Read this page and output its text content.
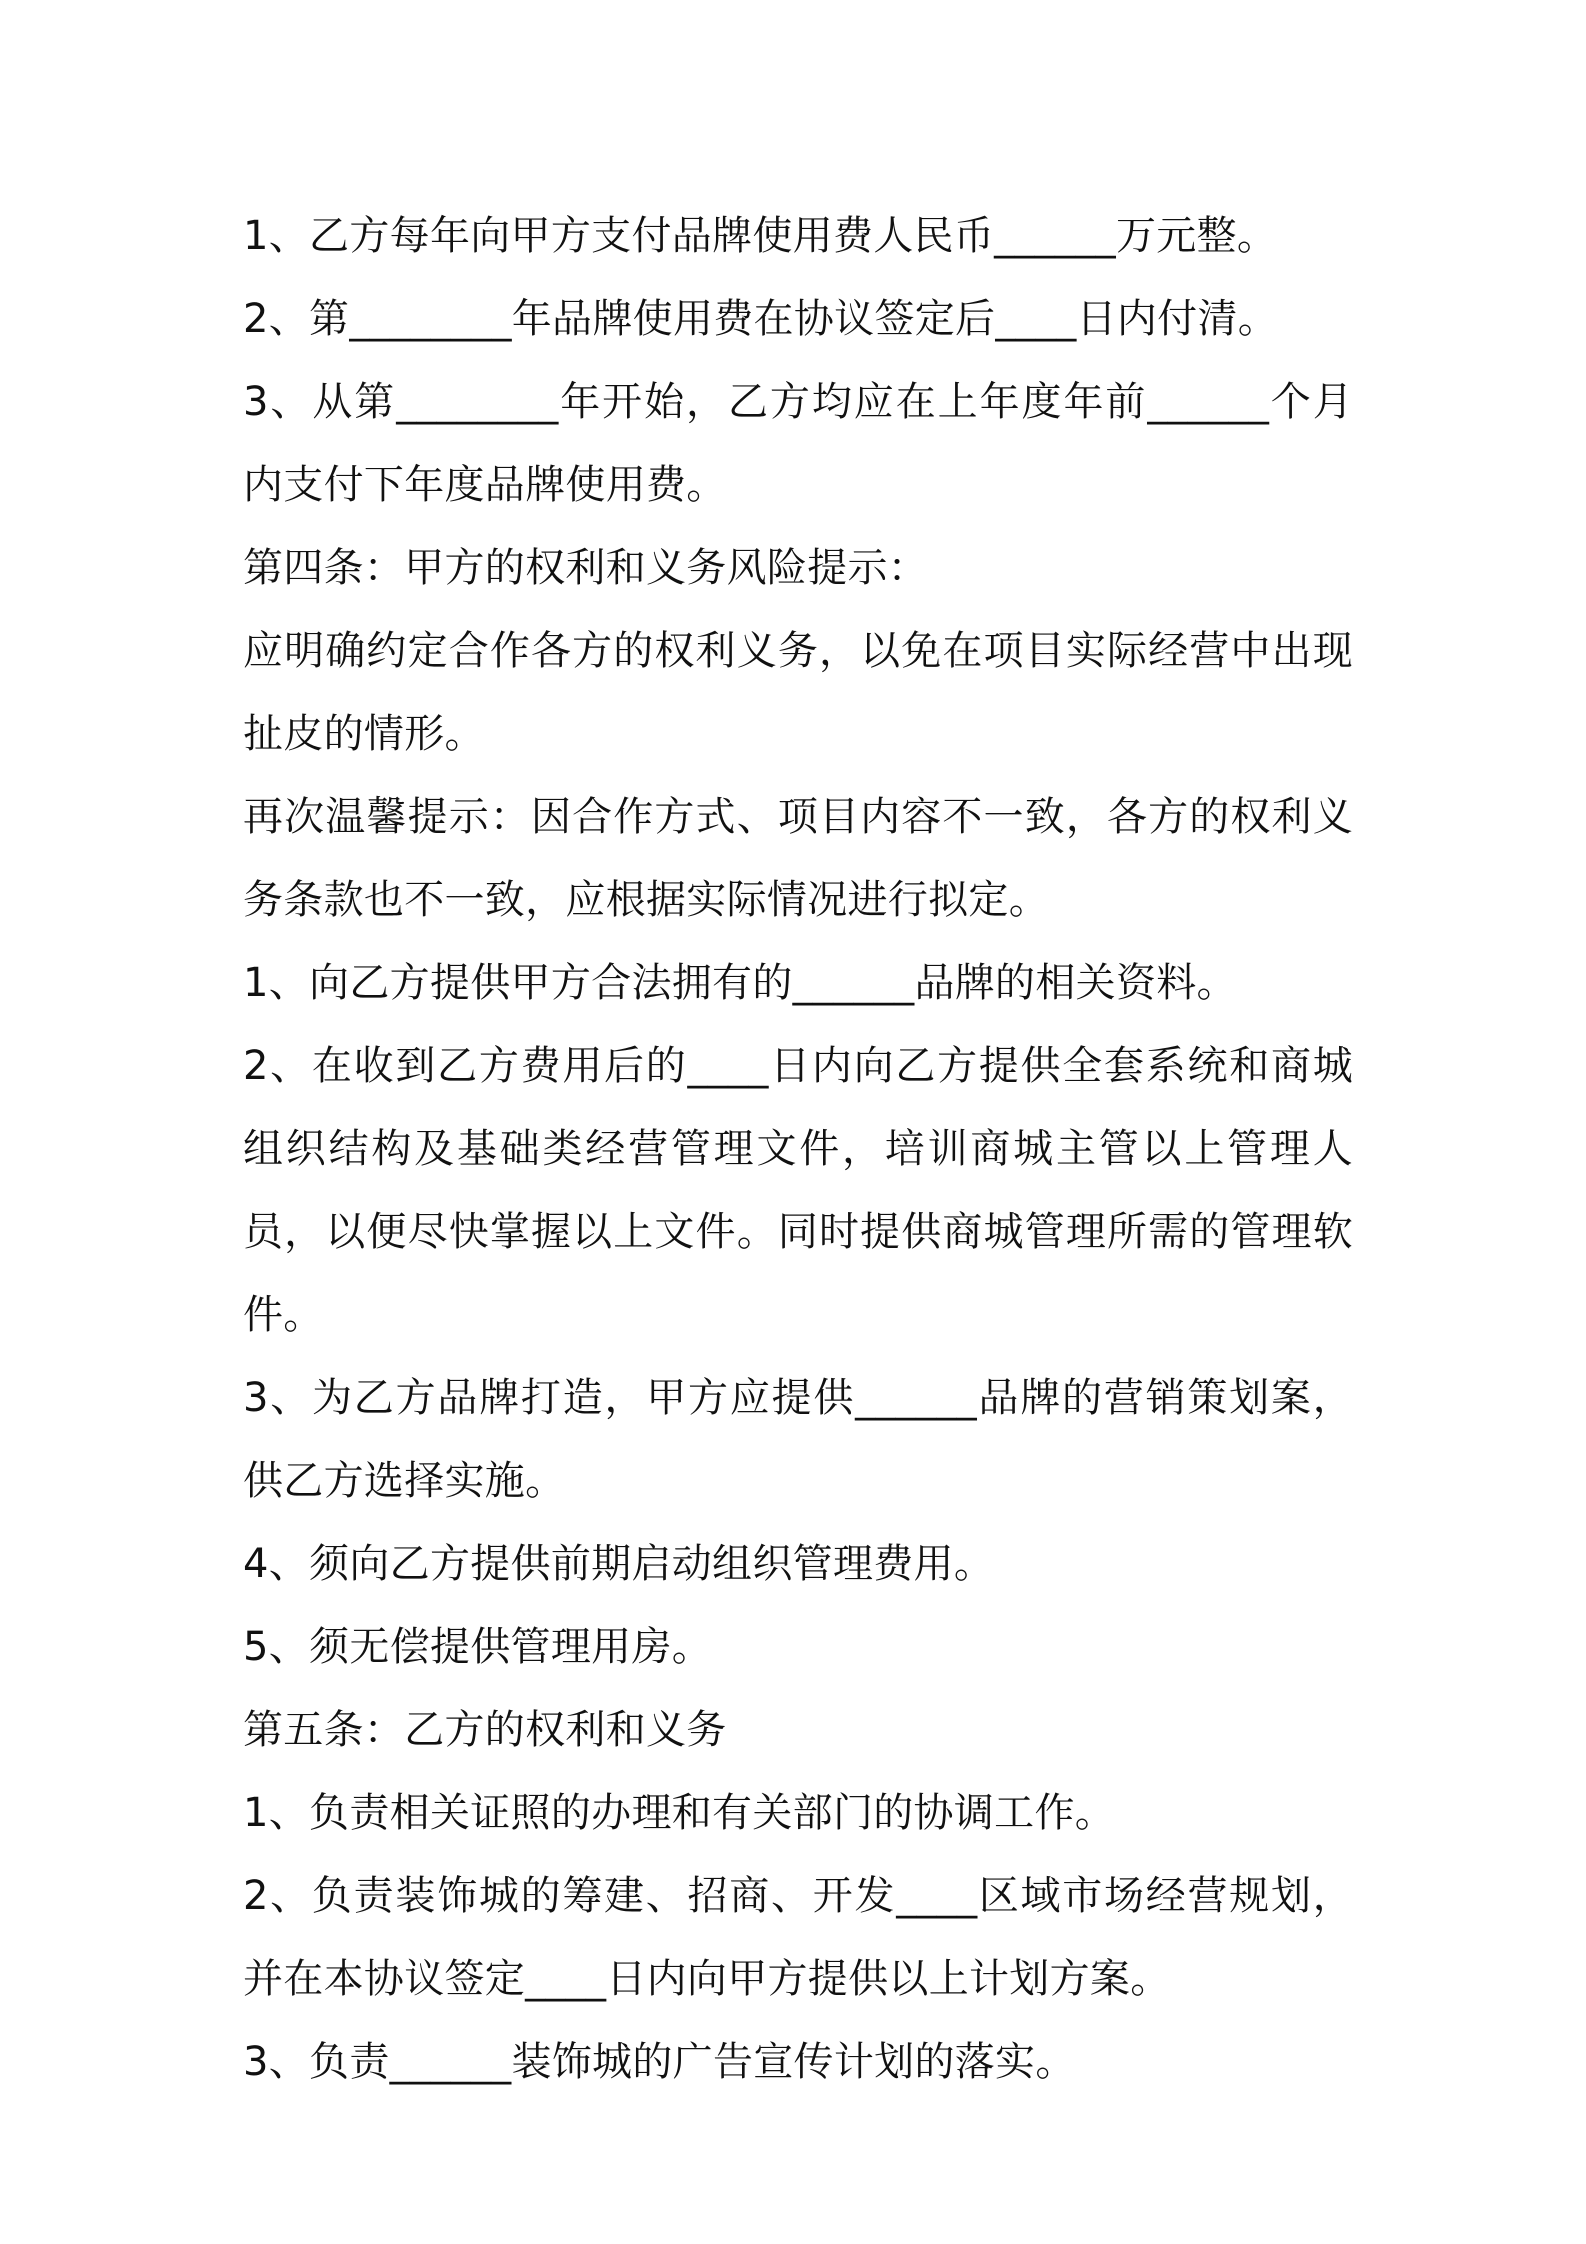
1、乙方每年向甲方支付品牌使用费人民币______万元整。

2、第________年品牌使用费在协议签定后____日内付清。

3、从第________年开始，乙方均应在上年度年前______个月内支付下年度品牌使用费。

第四条：甲方的权利和义务风险提示：

应明确约定合作各方的权利义务，以免在项目实际经营中出现扯皮的情形。

再次温馨提示：因合作方式、项目内容不一致，各方的权利义务条款也不一致，应根据实际情况进行拟定。

1、向乙方提供甲方合法拥有的______品牌的相关资料。

2、在收到乙方费用后的____日内向乙方提供全套系统和商城组织结构及基础类经营管理文件，培训商城主管以上管理人员，以便尽快掌握以上文件。同时提供商城管理所需的管理软件。

3、为乙方品牌打造，甲方应提供______品牌的营销策划案，供乙方选择实施。

4、须向乙方提供前期启动组织管理费用。

5、须无偿提供管理用房。

第五条：乙方的权利和义务

1、负责相关证照的办理和有关部门的协调工作。

2、负责装饰城的筹建、招商、开发____区域市场经营规划，并在本协议签定____日内向甲方提供以上计划方案。

3、负责______装饰城的广告宣传计划的落实。
